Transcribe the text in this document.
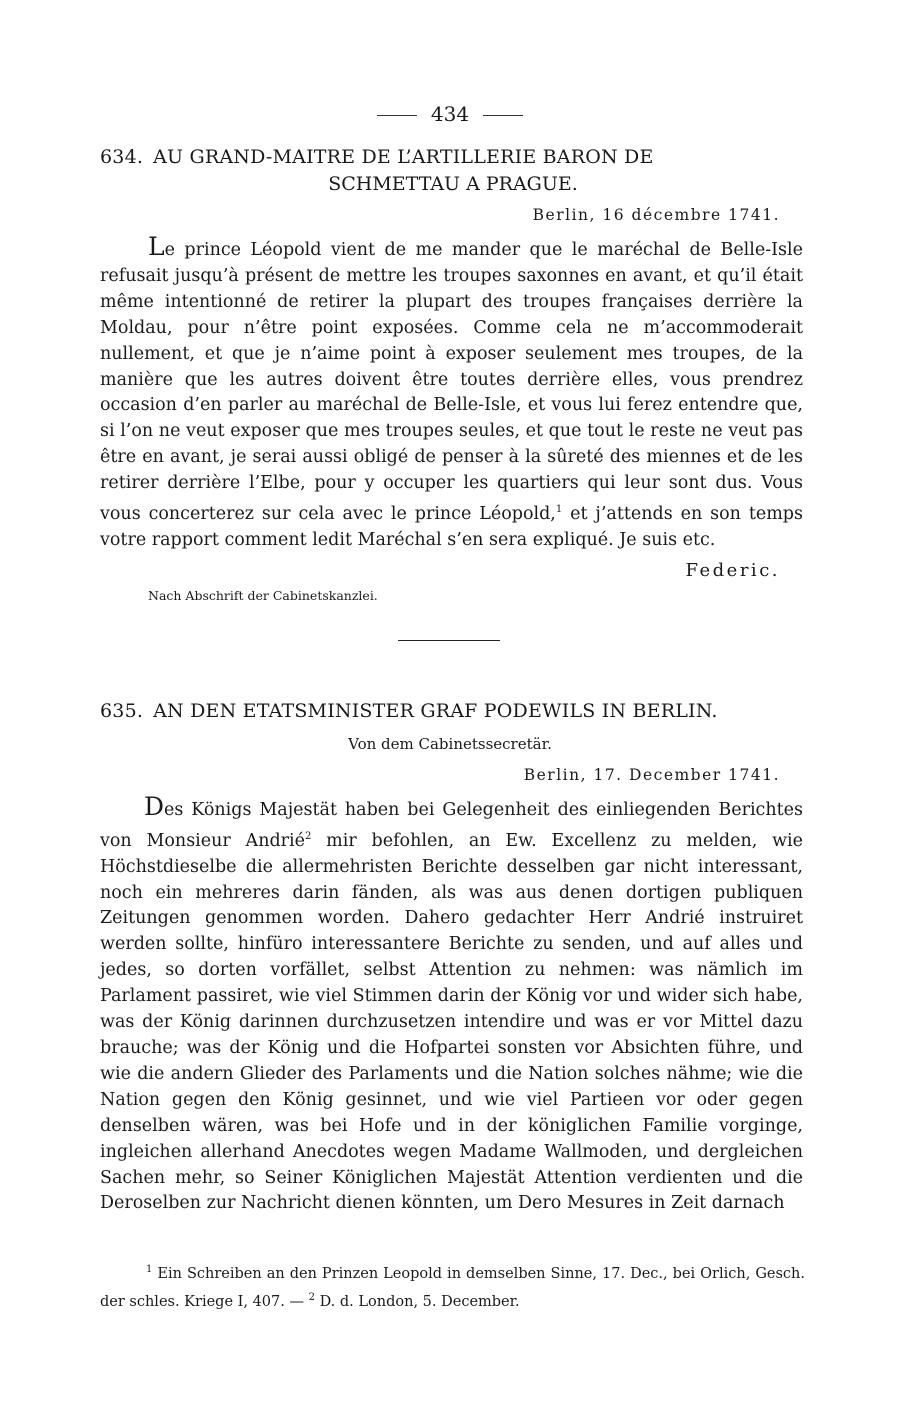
434
634. AU GRAND-MAITRE DE L’ARTILLERIE BARON DE
SCHMETTAU A PRAGUE.
Berlin, 16 décembre 1741.

Le prince Léopold vient de me mander que le maréchal de Belle-Isle refusait jusqu’à présent de mettre les troupes saxonnes en avant, et qu’il était même intentionné de retirer la plupart des troupes françaises derrière la Moldau, pour n’être point exposées. Comme cela ne m’accommoderait nullement, et que je n’aime point à exposer seulement mes troupes, de la manière que les autres doivent être toutes derrière elles, vous prendrez occasion d’en parler au maréchal de Belle-Isle, et vous lui ferez entendre que, si l’on ne veut exposer que mes troupes seules, et que tout le reste ne veut pas être en avant, je serai aussi obligé de penser à la sûreté des miennes et de les retirer derrière l’Elbe, pour y occuper les quartiers qui leur sont dus. Vous vous concerterez sur cela avec le prince Léopold,$^1$ et j’attends en son temps votre rapport comment ledit Maréchal s’en sera expliqué. Je suis etc.

Federic.
Nach Abschrift der Cabinetskanzlei.
635. AN DEN ETATSMINISTER GRAF PODEWILS IN BERLIN.
Von dem Cabinetssecretär.
Berlin, 17. December 1741.

Des Königs Majestät haben bei Gelegenheit des einliegenden Berichtes von Monsieur Andrié$^2$ mir befohlen, an Ew. Excellenz zu melden, wie Höchstdieselbe die allermehristen Berichte desselben gar nicht interessant, noch ein mehreres darin fänden, als was aus denen dortigen publiquen Zeitungen genommen worden. Dahero gedachter Herr Andrié instruiret werden sollte, hinfüro interessantere Berichte zu senden, und auf alles und jedes, so dorten vorfället, selbst Attention zu nehmen: was nämlich im Parlament passiret, wie viel Stimmen darin der König vor und wider sich habe, was der König darinnen durchzusetzen intendire und was er vor Mittel dazu brauche; was der König und die Hofpartei sonsten vor Absichten führe, und wie die andern Glieder des Parlaments und die Nation solches nähme; wie die Nation gegen den König gesinnet, und wie viel Partieen vor oder gegen denselben wären, was bei Hofe und in der königlichen Familie vorginge, ingleichen allerhand Anecdotes wegen Madame Wallmoden, und dergleichen Sachen mehr, so Seiner Königlichen Majestät Attention verdienten und die Deroselben zur Nachricht dienen könnten, um Dero Mesures in Zeit darnach

$^1$ Ein Schreiben an den Prinzen Leopold in demselben Sinne, 17. Dec., bei Orlich, Gesch. der schles. Kriege I, 407. — $^2$ D. d. London, 5. December.
